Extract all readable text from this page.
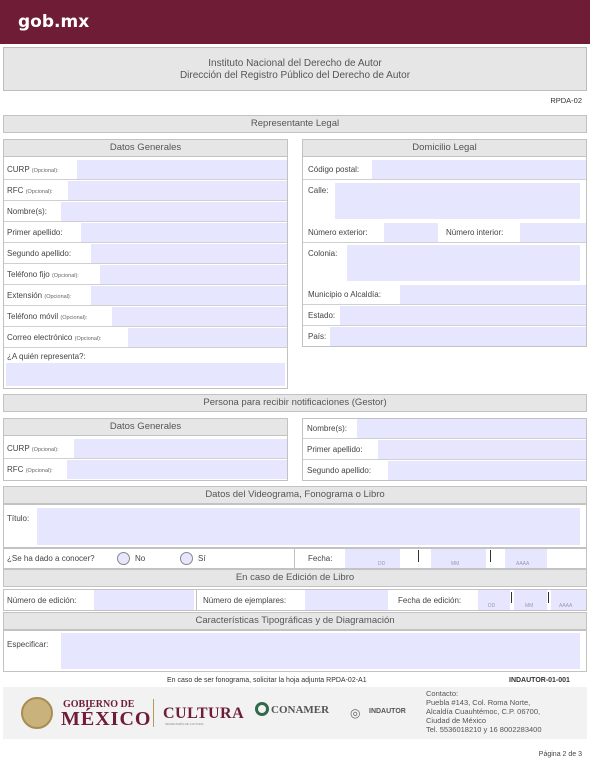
gob.mx
Instituto Nacional del Derecho de Autor
Dirección del Registro Público del Derecho de Autor
RPDA-02
Representante Legal
Datos Generales
CURP (Opcional):
RFC (Opcional):
Nombre(s):
Primer apellido:
Segundo apellido:
Teléfono fijo (Opcional):
Extensión (Opcional):
Teléfono móvil (Opcional):
Correo electrónico (Opcional):
¿A quién representa?:
Domicilio Legal
Código postal:
Calle:
Número exterior:	Número interior:
Colonia:
Municipio o Alcaldía:
Estado:
País:
Persona para recibir notificaciones (Gestor)
Datos Generales
CURP (Opcional):
RFC (Opcional):
Nombre(s):
Primer apellido:
Segundo apellido:
Datos del Videograma, Fonograma o Libro
Título:
¿Se ha dado a conocer?	No	Sí	Fecha:
DD	MM	AAAA
En caso de Edición de Libro
Número de edición:	Número de ejemplares:	Fecha de edición:
DD	MM	AAAA
Características Tipográficas y de Diagramación
Especificar:
En caso de ser fonograma, solicitar la hoja adjunta RPDA-02-A1	INDAUTOR-01-001
GOBIERNO DE
MÉXICO CULTURA
SECRETARÍA DE CULTURA
CONAMER ◎ INDAUTOR
Contacto:
Puebla #143, Col. Roma Norte,
Alcaldía Cuauhtémoc, C.P. 06700,
Ciudad de México
Tel. 5536018210 y 16 8002283400
Página 2 de 3
